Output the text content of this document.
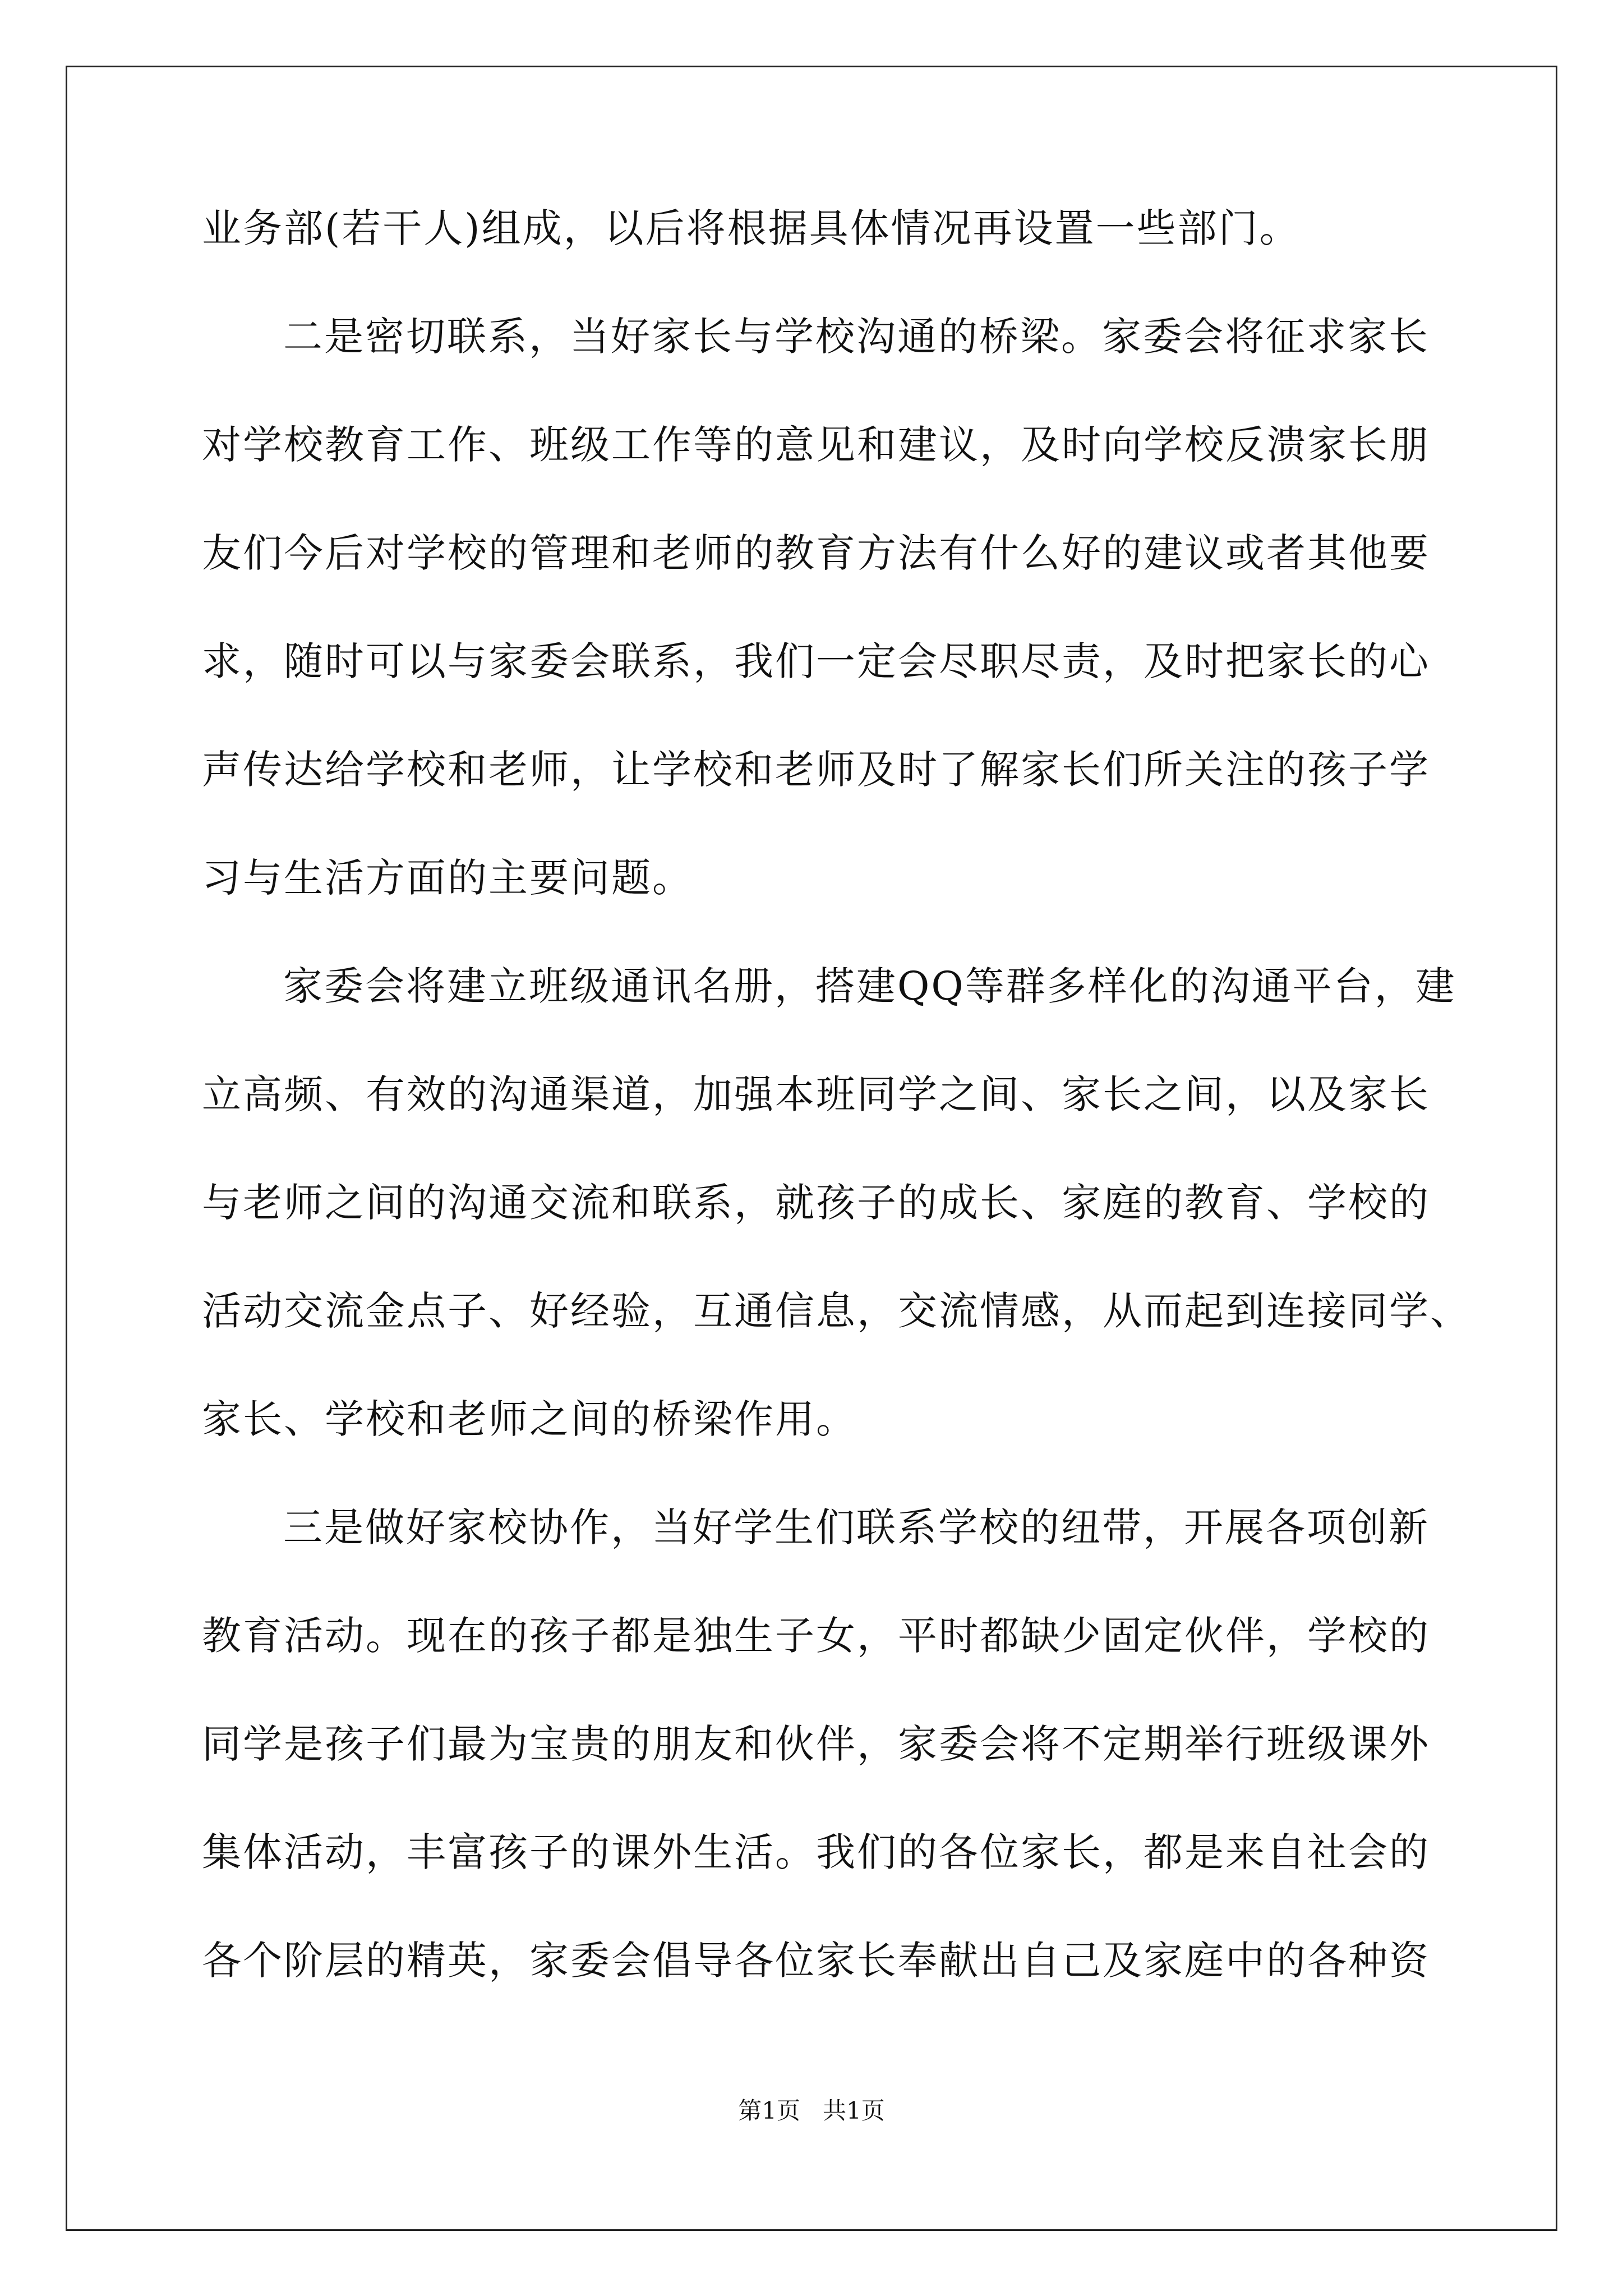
业务部(若干人)组成，以后将根据具体情况再设置一些部门。
二是密切联系，当好家长与学校沟通的桥梁。家委会将征求家长
对学校教育工作、班级工作等的意见和建议，及时向学校反溃家长朋
友们今后对学校的管理和老师的教育方法有什么好的建议或者其他要
求，随时可以与家委会联系，我们一定会尽职尽责，及时把家长的心
声传达给学校和老师，让学校和老师及时了解家长们所关注的孩子学
习与生活方面的主要问题。
家委会将建立班级通讯名册，搭建QQ等群多样化的沟通平台，建
立高频、有效的沟通渠道，加强本班同学之间、家长之间，以及家长
与老师之间的沟通交流和联系，就孩子的成长、家庭的教育、学校的
活动交流金点子、好经验，互通信息，交流情感，从而起到连接同学、
家长、学校和老师之间的桥梁作用。
三是做好家校协作，当好学生们联系学校的纽带，开展各项创新
教育活动。现在的孩子都是独生子女，平时都缺少固定伙伴，学校的
同学是孩子们最为宝贵的朋友和伙伴，家委会将不定期举行班级课外
集体活动，丰富孩子的课外生活。我们的各位家长，都是来自社会的
各个阶层的精英，家委会倡导各位家长奉献出自己及家庭中的各种资
第1页   共1页
